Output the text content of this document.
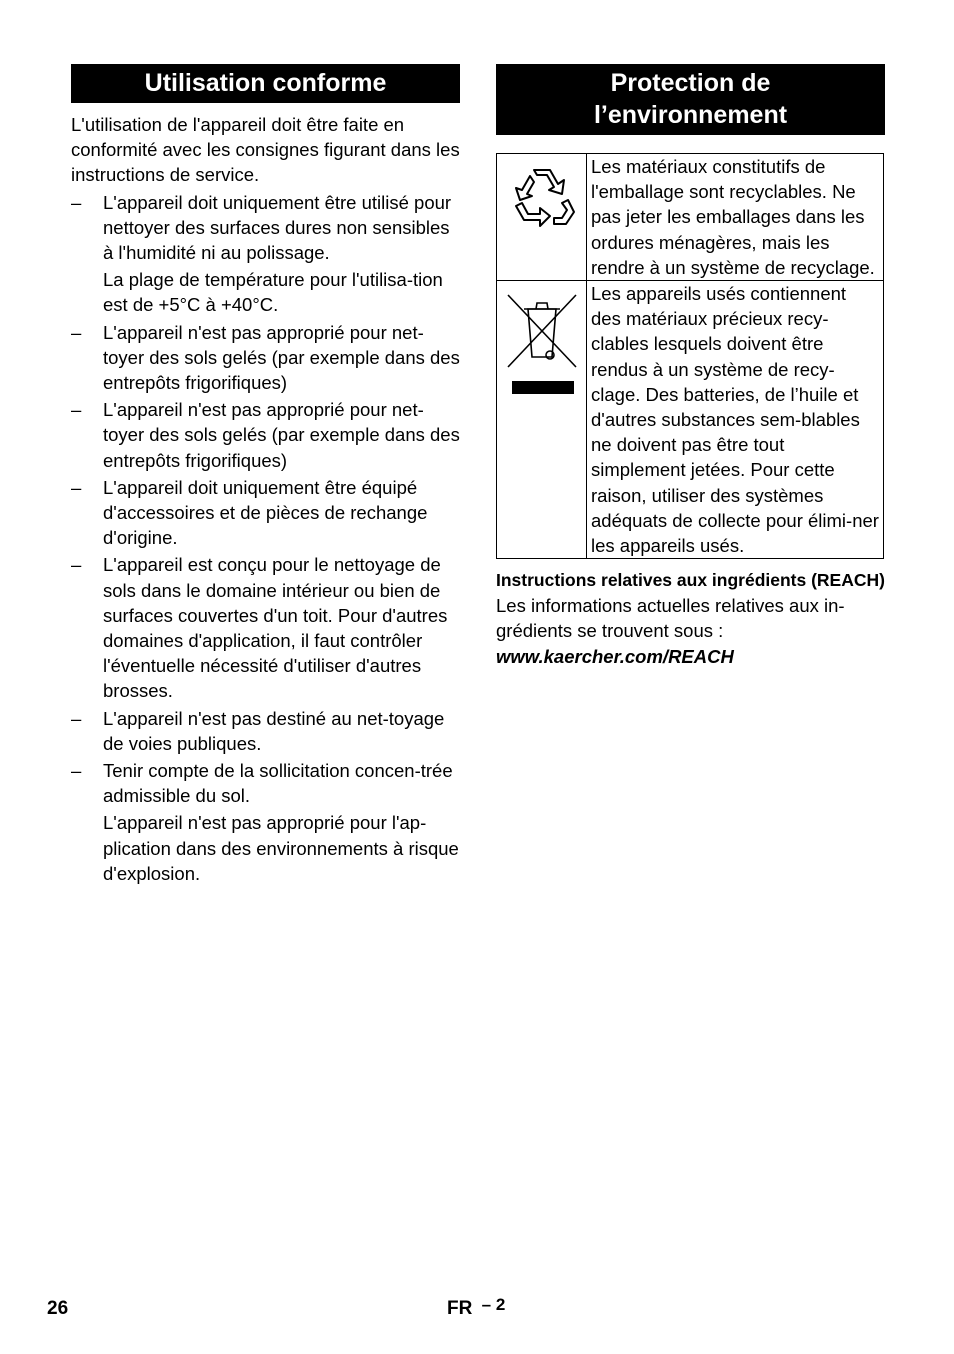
Utilisation conforme

L'utilisation de l'appareil doit être faite en conformité avec les consignes figurant dans les instructions de service.

– L'appareil doit uniquement être utilisé pour nettoyer des surfaces dures non sensibles à l'humidité ni au polissage.
La plage de température pour l'utilisa-tion est de +5°C à +40°C.
– L'appareil n'est pas approprié pour net-toyer des sols gelés (par exemple dans des entrepôts frigorifiques)
– L'appareil n'est pas approprié pour net-toyer des sols gelés (par exemple dans des entrepôts frigorifiques)
– L'appareil doit uniquement être équipé d'accessoires et de pièces de rechange d'origine.
– L'appareil est conçu pour le nettoyage de sols dans le domaine intérieur ou bien de surfaces couvertes d'un toit. Pour d'autres domaines d'application, il faut contrôler l'éventuelle nécessité d'utiliser d'autres brosses.
– L'appareil n'est pas destiné au net-toyage de voies publiques.
– Tenir compte de la sollicitation concen-trée admissible du sol.
L'appareil n'est pas approprié pour l'ap-plication dans des environnements à risque d'explosion.
Protection de
l’environnement
	Les matériaux constitutifs de l'emballage sont recyclables. Ne pas jeter les emballages dans les ordures ménagères, mais les rendre à un système de recyclage.
	Les appareils usés contiennent des matériaux précieux recy-clables lesquels doivent être rendus à un système de recy-clage. Des batteries, de l’huile et d'autres substances sem-blables ne doivent pas être tout simplement jetées. Pour cette raison, utiliser des systèmes adéquats de collecte pour élimi-ner les appareils usés.
Instructions relatives aux ingrédients (REACH)

Les informations actuelles relatives aux in-grédients se trouvent sous :

www.kaercher.com/REACH
26	FR – 2
